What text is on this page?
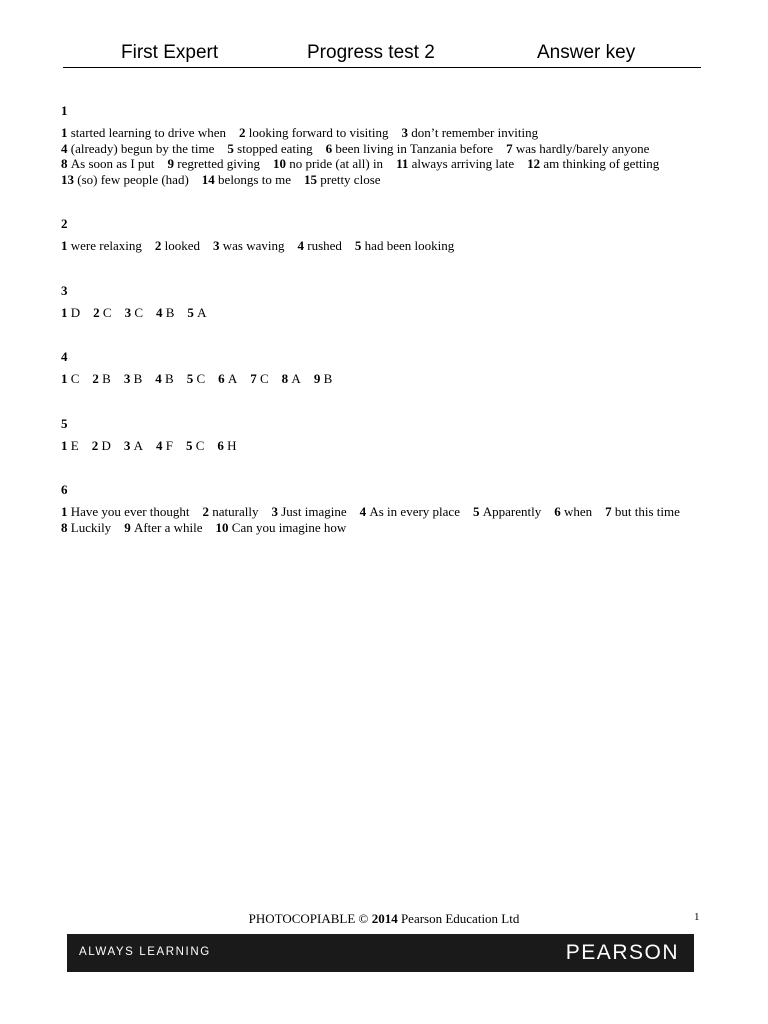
First Expert	Progress test 2	Answer key
1
1 started learning to drive when 2 looking forward to visiting 3 don’t remember inviting    4 (already) begun by the time 5 stopped eating 6 been living in Tanzania before 7 was hardly/barely anyone    8 As soon as I put 9 regretted giving 10 no pride (at all) in 11 always arriving late 12 am thinking of getting    13 (so) few people (had) 14 belongs to me 15 pretty close
2
1 were relaxing 2 looked 3 was waving 4 rushed 5 had been looking
3
1 D 2 C 3 C 4 B 5 A
4
1 C 2 B 3 B 4 B 5 C 6 A 7 C 8 A 9 B
5
1 E 2 D 3 A 4 F 5 C 6 H
6
1 Have you ever thought 2 naturally 3 Just imagine 4 As in every place 5 Apparently 6 when 7 but this time    8 Luckily 9 After a while 10 Can you imagine how
PHOTOCOPIABLE © 2014 Pearson Education Ltd	1
ALWAYS LEARNING	PEARSON
